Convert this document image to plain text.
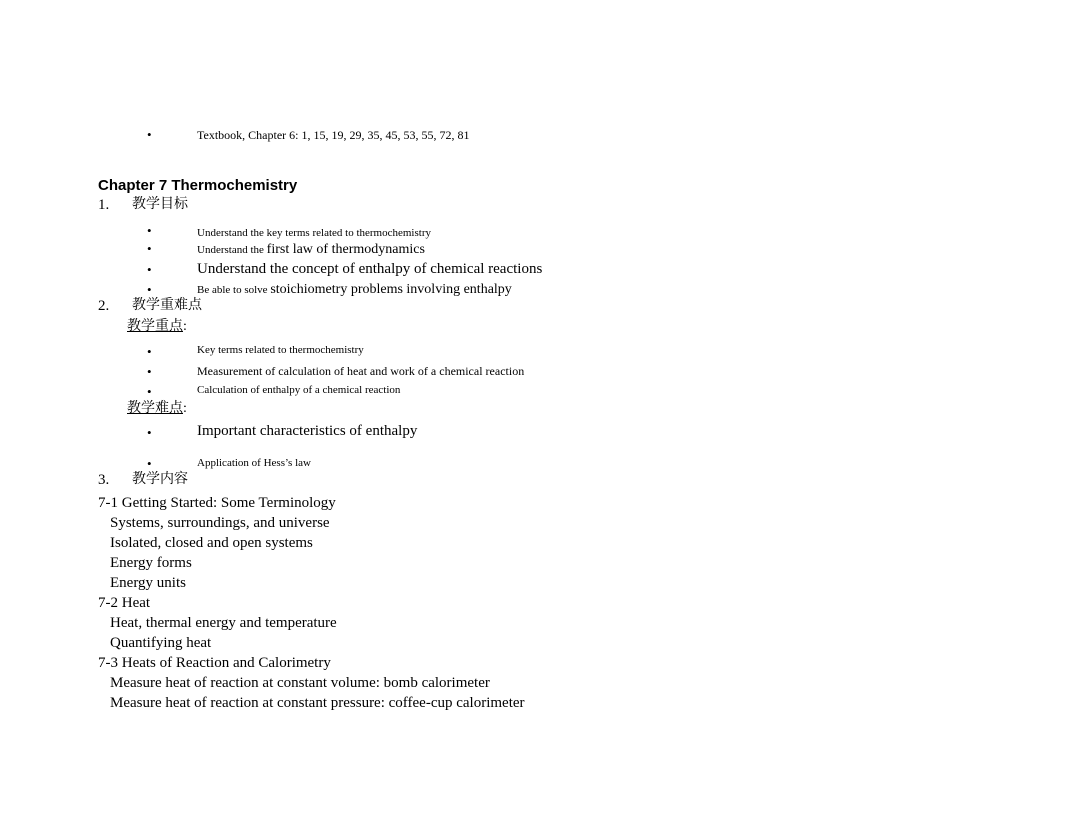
•
Textbook, Chapter 6: 1, 15, 19, 29, 35, 45, 53, 55, 72, 81
Chapter 7 Thermochemistry
1. 教学目标
•
Understand the key terms related to thermochemistry
•
Understand the first law of thermodynamics
•
Understand the concept of enthalpy of chemical reactions
•
Be able to solve stoichiometry problems involving enthalpy
2. 教学重难点
教学重点:
•
Key terms related to thermochemistry
•
Measurement of calculation of heat and work of a chemical reaction
•
Calculation of enthalpy of a chemical reaction
教学难点:
•
Important characteristics of enthalpy
•
Application of Hess’s law
3. 教学内容
7-1 Getting Started: Some Terminology
Systems, surroundings, and universe
Isolated, closed and open systems
Energy forms
Energy units
7-2 Heat
Heat, thermal energy and temperature
Quantifying heat
7-3 Heats of Reaction and Calorimetry
Measure heat of reaction at constant volume: bomb calorimeter
Measure heat of reaction at constant pressure: coffee-cup calorimeter
